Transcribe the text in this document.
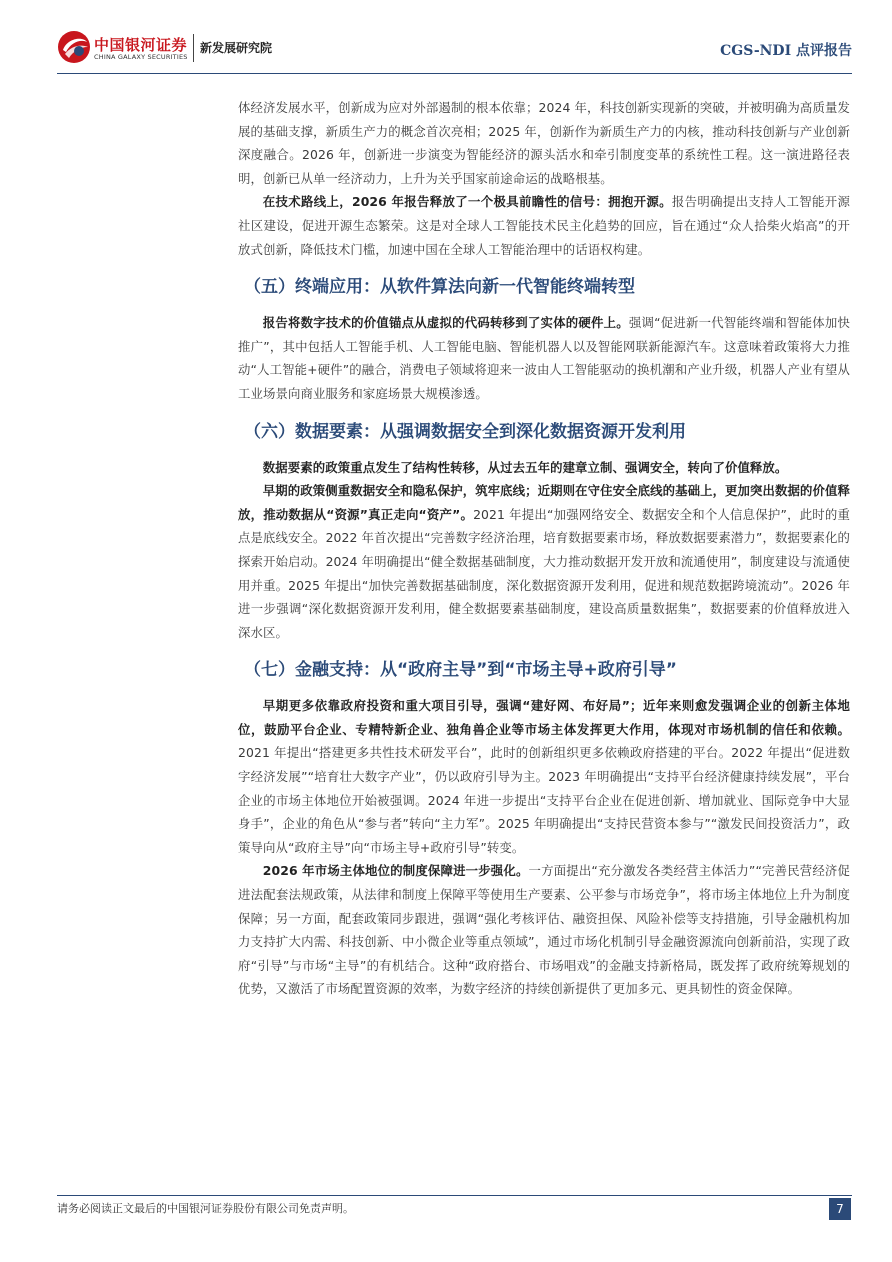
中国银河证券
CHINA GALAXY SECURITIES
新发展研究院	CGS-NDI 点评报告

体经济发展水平，创新成为应对外部遏制的根本依靠；2024 年，科技创新实现新的突破，并被明确为高质量发展的基础支撑，新质生产力的概念首次亮相；2025 年，创新作为新质生产力的内核，推动科技创新与产业创新深度融合。2026 年，创新进一步演变为智能经济的源头活水和牵引制度变革的系统性工程。这一演进路径表明，创新已从单一经济动力，上升为关乎国家前途命运的战略根基。

在技术路线上，2026 年报告释放了一个极具前瞻性的信号：拥抱开源。报告明确提出支持人工智能开源社区建设，促进开源生态繁荣。这是对全球人工智能技术民主化趋势的回应，旨在通过“众人拾柴火焰高”的开放式创新，降低技术门槛，加速中国在全球人工智能治理中的话语权构建。

（五）终端应用：从软件算法向新一代智能终端转型

报告将数字技术的价值锚点从虚拟的代码转移到了实体的硬件上。强调“促进新一代智能终端和智能体加快推广”，其中包括人工智能手机、人工智能电脑、智能机器人以及智能网联新能源汽车。这意味着政策将大力推动“人工智能+硬件”的融合，消费电子领域将迎来一波由人工智能驱动的换机潮和产业升级，机器人产业有望从工业场景向商业服务和家庭场景大规模渗透。

（六）数据要素：从强调数据安全到深化数据资源开发利用

数据要素的政策重点发生了结构性转移，从过去五年的建章立制、强调安全，转向了价值释放。

早期的政策侧重数据安全和隐私保护，筑牢底线；近期则在守住安全底线的基础上，更加突出数据的价值释放，推动数据从“资源”真正走向“资产”。2021 年提出“加强网络安全、数据安全和个人信息保护”，此时的重点是底线安全。2022 年首次提出“完善数字经济治理，培育数据要素市场，释放数据要素潜力”，数据要素化的探索开始启动。2024 年明确提出“健全数据基础制度，大力推动数据开发开放和流通使用”，制度建设与流通使用并重。2025 年提出“加快完善数据基础制度，深化数据资源开发利用，促进和规范数据跨境流动”。2026 年进一步强调“深化数据资源开发利用，健全数据要素基础制度，建设高质量数据集”，数据要素的价值释放进入深水区。

（七）金融支持：从“政府主导”到“市场主导+政府引导”

早期更多依靠政府投资和重大项目引导，强调“建好网、布好局”；近年来则愈发强调企业的创新主体地位，鼓励平台企业、专精特新企业、独角兽企业等市场主体发挥更大作用，体现对市场机制的信任和依赖。2021 年提出“搭建更多共性技术研发平台”，此时的创新组织更多依赖政府搭建的平台。2022 年提出“促进数字经济发展”“培育壮大数字产业”，仍以政府引导为主。2023 年明确提出“支持平台经济健康持续发展”，平台企业的市场主体地位开始被强调。2024 年进一步提出“支持平台企业在促进创新、增加就业、国际竞争中大显身手”，企业的角色从“参与者”转向“主力军”。2025 年明确提出“支持民营资本参与”“激发民间投资活力”，政策导向从“政府主导”向“市场主导+政府引导”转变。

2026 年市场主体地位的制度保障进一步强化。一方面提出“充分激发各类经营主体活力”“完善民营经济促进法配套法规政策，从法律和制度上保障平等使用生产要素、公平参与市场竞争”，将市场主体地位上升为制度保障；另一方面，配套政策同步跟进，强调“强化考核评估、融资担保、风险补偿等支持措施，引导金融机构加力支持扩大内需、科技创新、中小微企业等重点领域”，通过市场化机制引导金融资源流向创新前沿，实现了政府“引导”与市场“主导”的有机结合。这种“政府搭台、市场唱戏”的金融支持新格局，既发挥了政府统筹规划的优势，又激活了市场配置资源的效率，为数字经济的持续创新提供了更加多元、更具韧性的资金保障。

请务必阅读正文最后的中国银河证券股份有限公司免责声明。	7
